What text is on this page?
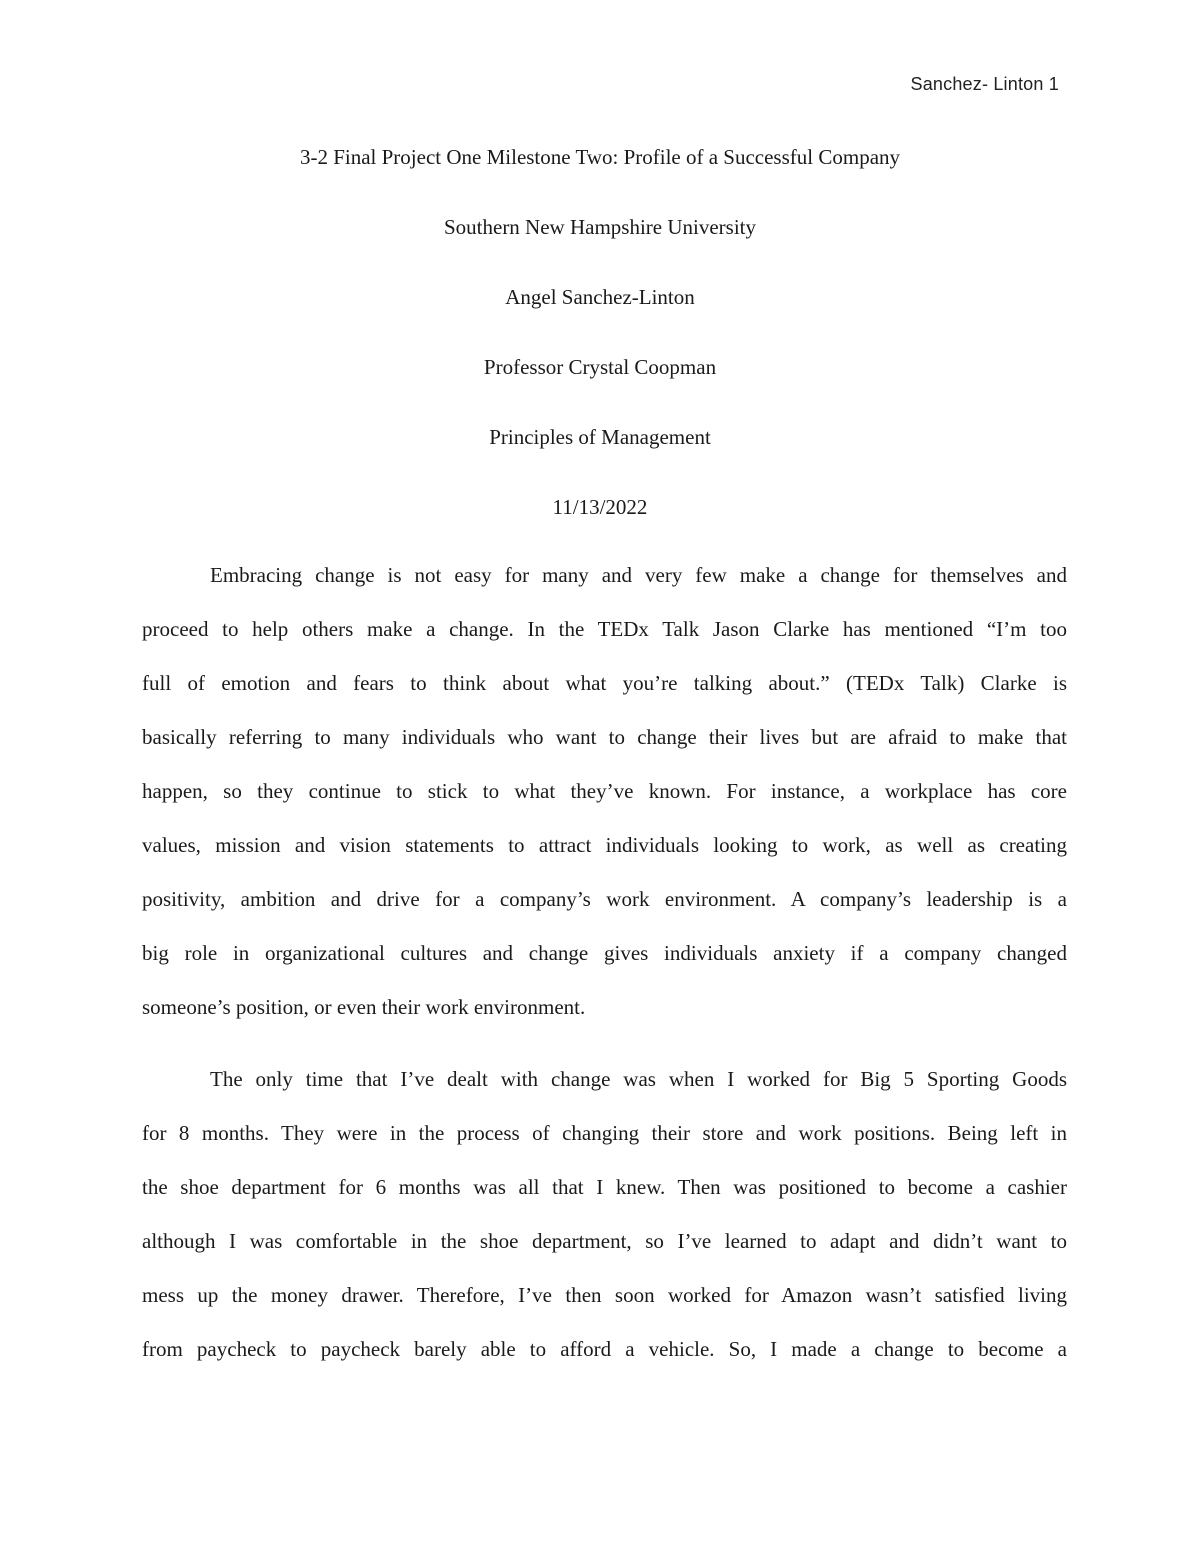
Sanchez- Linton 1
3-2 Final Project One Milestone Two: Profile of a Successful Company
Southern New Hampshire University
Angel Sanchez-Linton
Professor Crystal Coopman
Principles of Management
11/13/2022
Embracing change is not easy for many and very few make a change for themselves and
proceed to help others make a change. In the TEDx Talk Jason Clarke has mentioned “I’m too
full of emotion and fears to think about what you’re talking about.” (TEDx Talk) Clarke is
basically referring to many individuals who want to change their lives but are afraid to make that
happen, so they continue to stick to what they’ve known. For instance, a workplace has core
values, mission and vision statements to attract individuals looking to work, as well as creating
positivity, ambition and drive for a company’s work environment. A company’s leadership is a
big role in organizational cultures and change gives individuals anxiety if a company changed
someone’s position, or even their work environment.
The only time that I’ve dealt with change was when I worked for Big 5 Sporting Goods
for 8 months. They were in the process of changing their store and work positions. Being left in
the shoe department for 6 months was all that I knew. Then was positioned to become a cashier
although I was comfortable in the shoe department, so I’ve learned to adapt and didn’t want to
mess up the money drawer. Therefore, I’ve then soon worked for Amazon wasn’t satisfied living
from paycheck to paycheck barely able to afford a vehicle. So, I made a change to become a
